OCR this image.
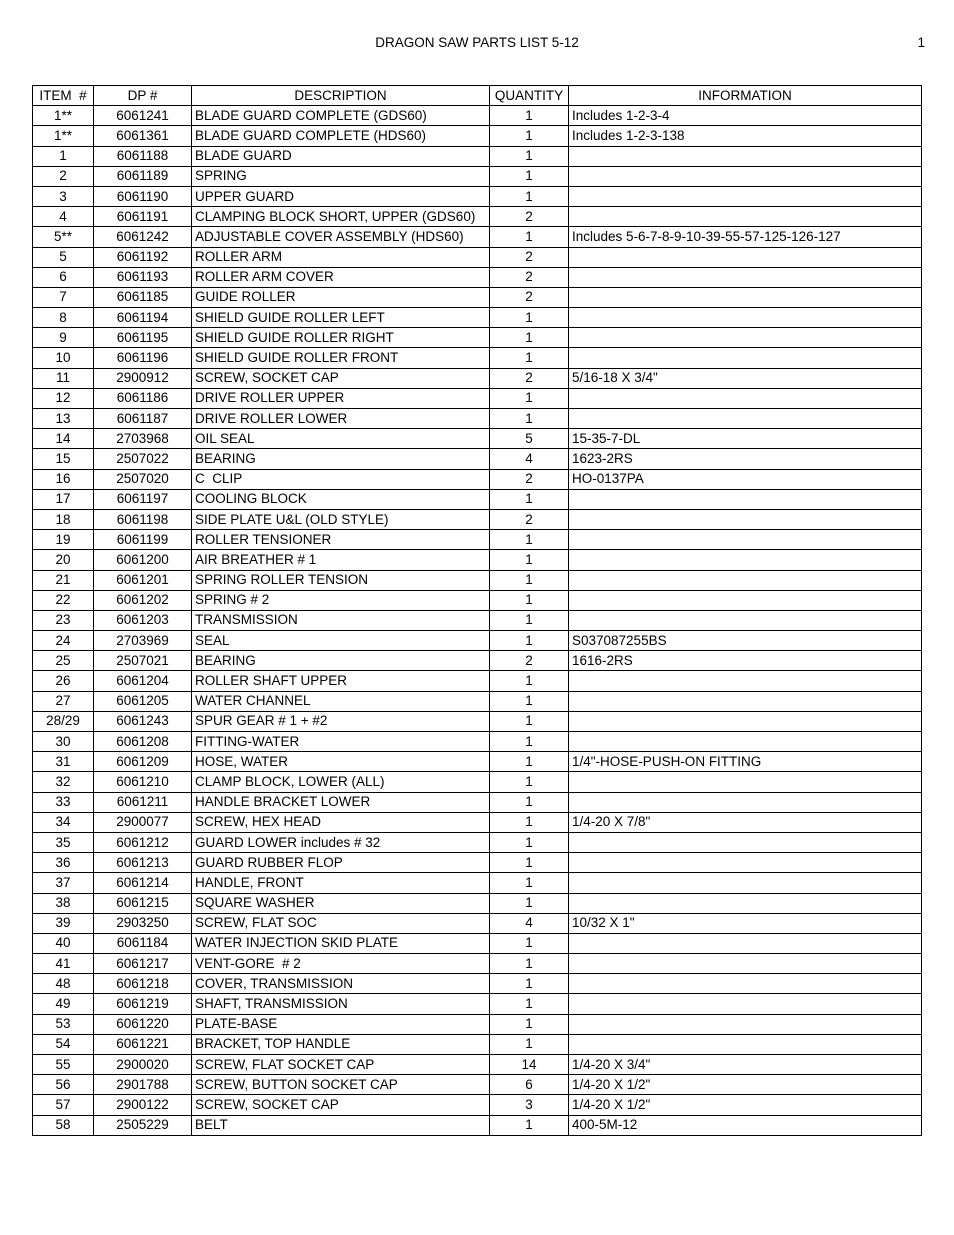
DRAGON SAW PARTS LIST 5-12	1
ITEM  #	DP #	DESCRIPTION	QUANTITY	INFORMATION
1**	6061241	BLADE GUARD COMPLETE (GDS60)	1	Includes 1-2-3-4
1**	6061361	BLADE GUARD COMPLETE (HDS60)	1	Includes 1-2-3-138
1	6061188	BLADE GUARD	1	
2	6061189	SPRING	1	
3	6061190	UPPER GUARD	1	
4	6061191	CLAMPING BLOCK SHORT, UPPER (GDS60)	2	
5**	6061242	ADJUSTABLE COVER ASSEMBLY (HDS60)	1	Includes 5-6-7-8-9-10-39-55-57-125-126-127
5	6061192	ROLLER ARM	2	
6	6061193	ROLLER ARM COVER	2	
7	6061185	GUIDE ROLLER	2	
8	6061194	SHIELD GUIDE ROLLER LEFT	1	
9	6061195	SHIELD GUIDE ROLLER RIGHT	1	
10	6061196	SHIELD GUIDE ROLLER FRONT	1	
11	2900912	SCREW, SOCKET CAP	2	5/16-18 X 3/4"
12	6061186	DRIVE ROLLER UPPER	1	
13	6061187	DRIVE ROLLER LOWER	1	
14	2703968	OIL SEAL	5	15-35-7-DL
15	2507022	BEARING	4	1623-2RS
16	2507020	C  CLIP	2	HO-0137PA
17	6061197	COOLING BLOCK	1	
18	6061198	SIDE PLATE U&L (OLD STYLE)	2	
19	6061199	ROLLER TENSIONER	1	
20	6061200	AIR BREATHER # 1	1	
21	6061201	SPRING ROLLER TENSION	1	
22	6061202	SPRING # 2	1	
23	6061203	TRANSMISSION	1	
24	2703969	SEAL	1	S037087255BS
25	2507021	BEARING	2	1616-2RS
26	6061204	ROLLER SHAFT UPPER	1	
27	6061205	WATER CHANNEL	1	
28/29	6061243	SPUR GEAR # 1 + #2	1	
30	6061208	FITTING-WATER	1	
31	6061209	HOSE, WATER	1	1/4"-HOSE-PUSH-ON FITTING
32	6061210	CLAMP BLOCK, LOWER (ALL)	1	
33	6061211	HANDLE BRACKET LOWER	1	
34	2900077	SCREW, HEX HEAD	1	1/4-20 X 7/8"
35	6061212	GUARD LOWER includes # 32	1	
36	6061213	GUARD RUBBER FLOP	1	
37	6061214	HANDLE, FRONT	1	
38	6061215	SQUARE WASHER	1	
39	2903250	SCREW, FLAT SOC	4	10/32 X 1"
40	6061184	WATER INJECTION SKID PLATE	1	
41	6061217	VENT-GORE  # 2	1	
48	6061218	COVER, TRANSMISSION	1	
49	6061219	SHAFT, TRANSMISSION	1	
53	6061220	PLATE-BASE	1	
54	6061221	BRACKET, TOP HANDLE	1	
55	2900020	SCREW, FLAT SOCKET CAP	14	1/4-20 X 3/4"
56	2901788	SCREW, BUTTON SOCKET CAP	6	1/4-20 X 1/2"
57	2900122	SCREW, SOCKET CAP	3	1/4-20 X 1/2"
58	2505229	BELT	1	400-5M-12
